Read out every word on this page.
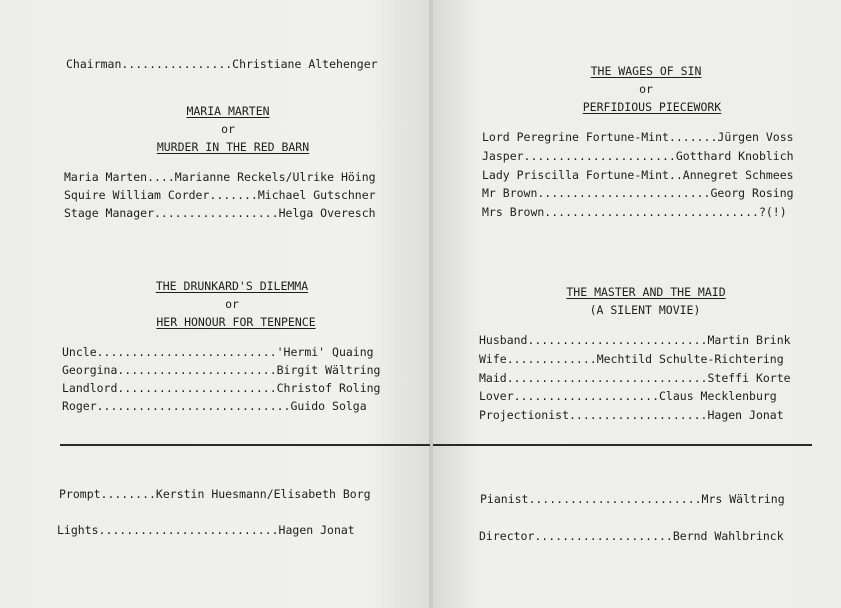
Chairman................Christiane Altehenger
MARIA MARTEN
or
MURDER IN THE RED BARN
Maria Marten....Marianne Reckels/Ulrike Höing
Squire William Corder.......Michael Gutschner
Stage Manager..................Helga Overesch
THE DRUNKARD'S DILEMMA
or
HER HONOUR FOR TENPENCE
Uncle..........................'Hermi' Quaing
Georgina.......................Birgit Wältring
Landlord.......................Christof Roling
Roger............................Guido Solga
Prompt........Kerstin Huesmann/Elisabeth Borg
Lights..........................Hagen Jonat
THE WAGES OF SIN
or
PERFIDIOUS PIECEWORK
Lord Peregrine Fortune-Mint.......Jürgen Voss
Jasper......................Gotthard Knoblich
Lady Priscilla Fortune-Mint..Annegret Schmees
Mr Brown.........................Georg Rosing
Mrs Brown...............................?(!)
THE MASTER AND THE MAID
(A SILENT MOVIE)
Husband..........................Martin Brink
Wife.............Mechtild Schulte-Richtering
Maid.............................Steffi Korte
Lover.....................Claus Mecklenburg
Projectionist....................Hagen Jonat
Pianist.........................Mrs Wältring
Director....................Bernd Wahlbrinck
